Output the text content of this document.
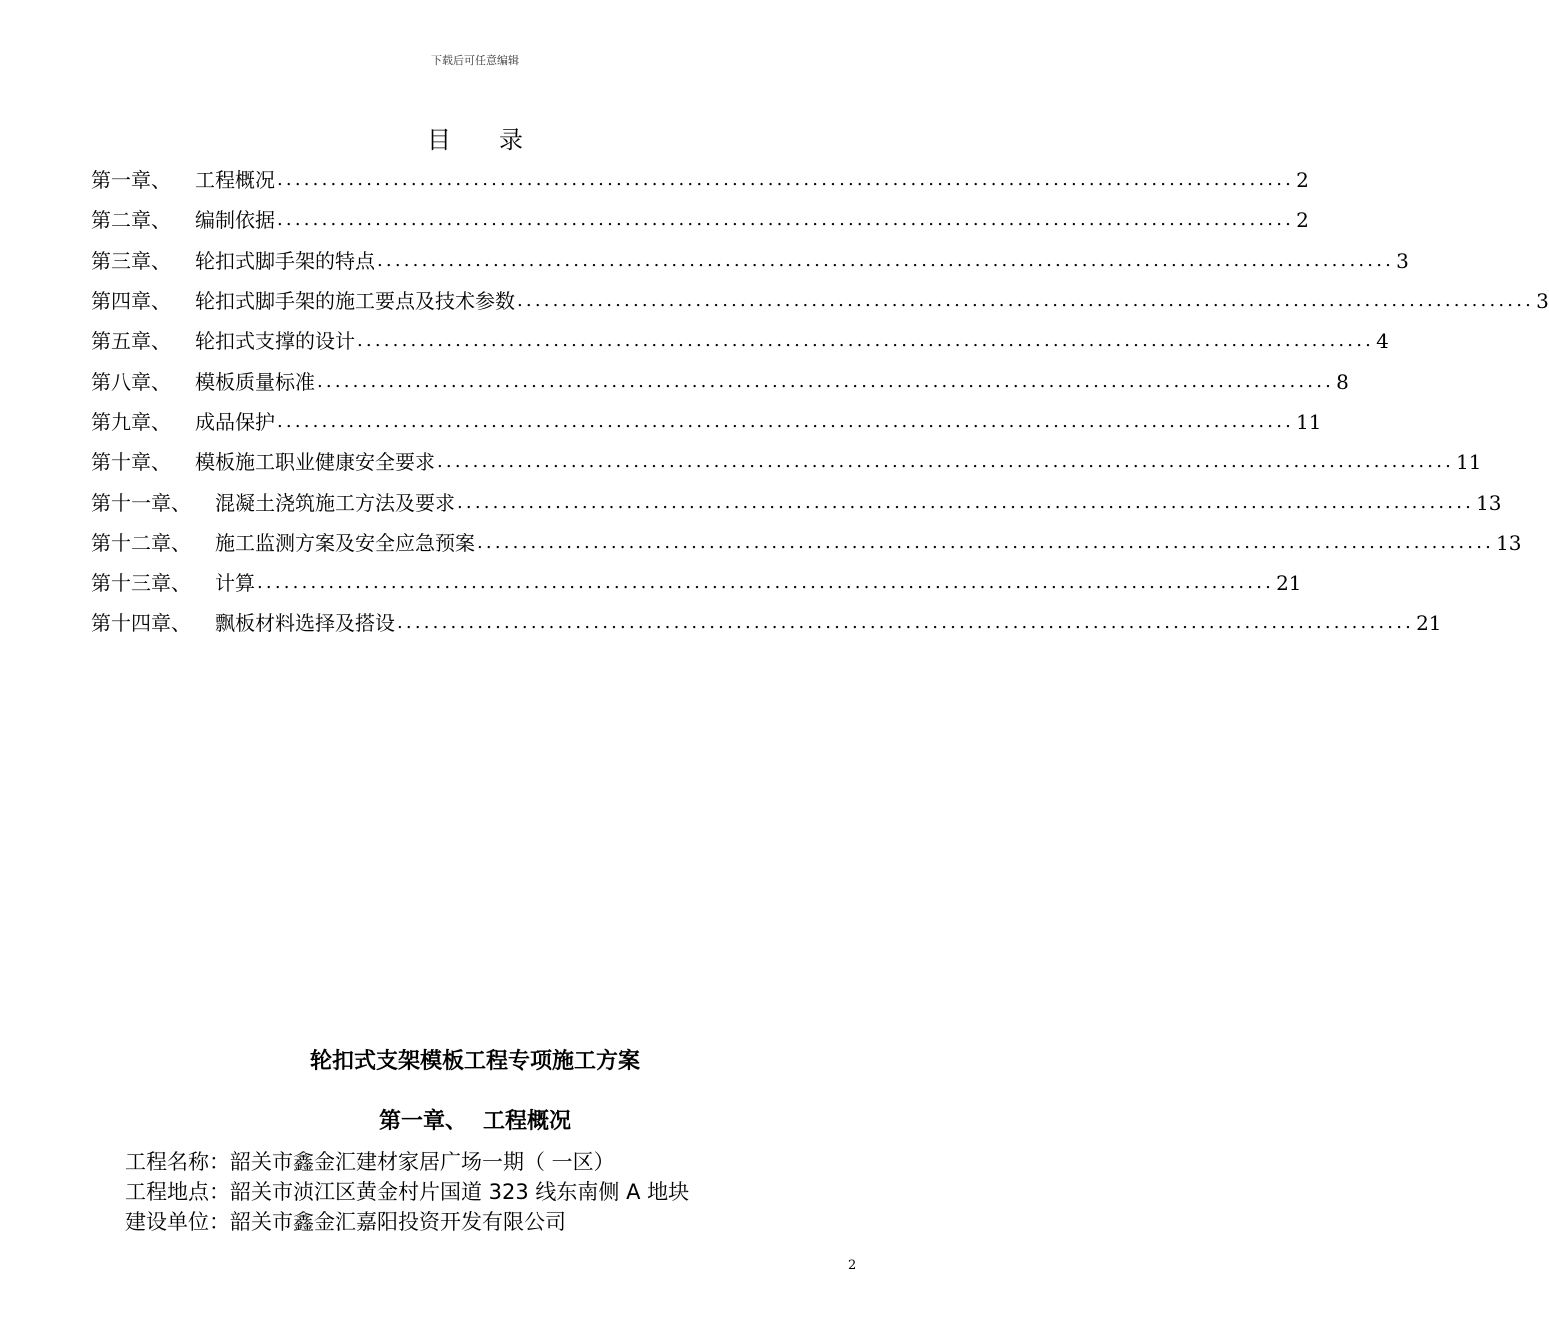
下载后可任意编辑
目录
第一章、	工程概况 .................................................................................................................. 2
第二章、	编制依据 .................................................................................................................. 2
第三章、	轮扣式脚手架的特点 .................................................................................................................. 3
第四章、	轮扣式脚手架的施工要点及技术参数 .................................................................................................................. 3
第五章、	轮扣式支撑的设计 .................................................................................................................. 4
第八章、	模板质量标准 .................................................................................................................. 8
第九章、	成品保护 .................................................................................................................. 11
第十章、	模板施工职业健康安全要求 .................................................................................................................. 11
第十一章、	混凝土浇筑施工方法及要求 .................................................................................................................. 13
第十二章、	施工监测方案及安全应急预案 .................................................................................................................. 13
第十三章、	计算 .................................................................................................................. 21
第十四章、	飘板材料选择及搭设 .................................................................................................................. 21
轮扣式支架模板工程专项施工方案
第一章、 工程概况
工程名称：韶关市鑫金汇建材家居广场一期（ 一区）
工程地点：韶关市浈江区黄金村片国道 323 线东南侧 A 地块
建设单位：韶关市鑫金汇嘉阳投资开发有限公司
2
